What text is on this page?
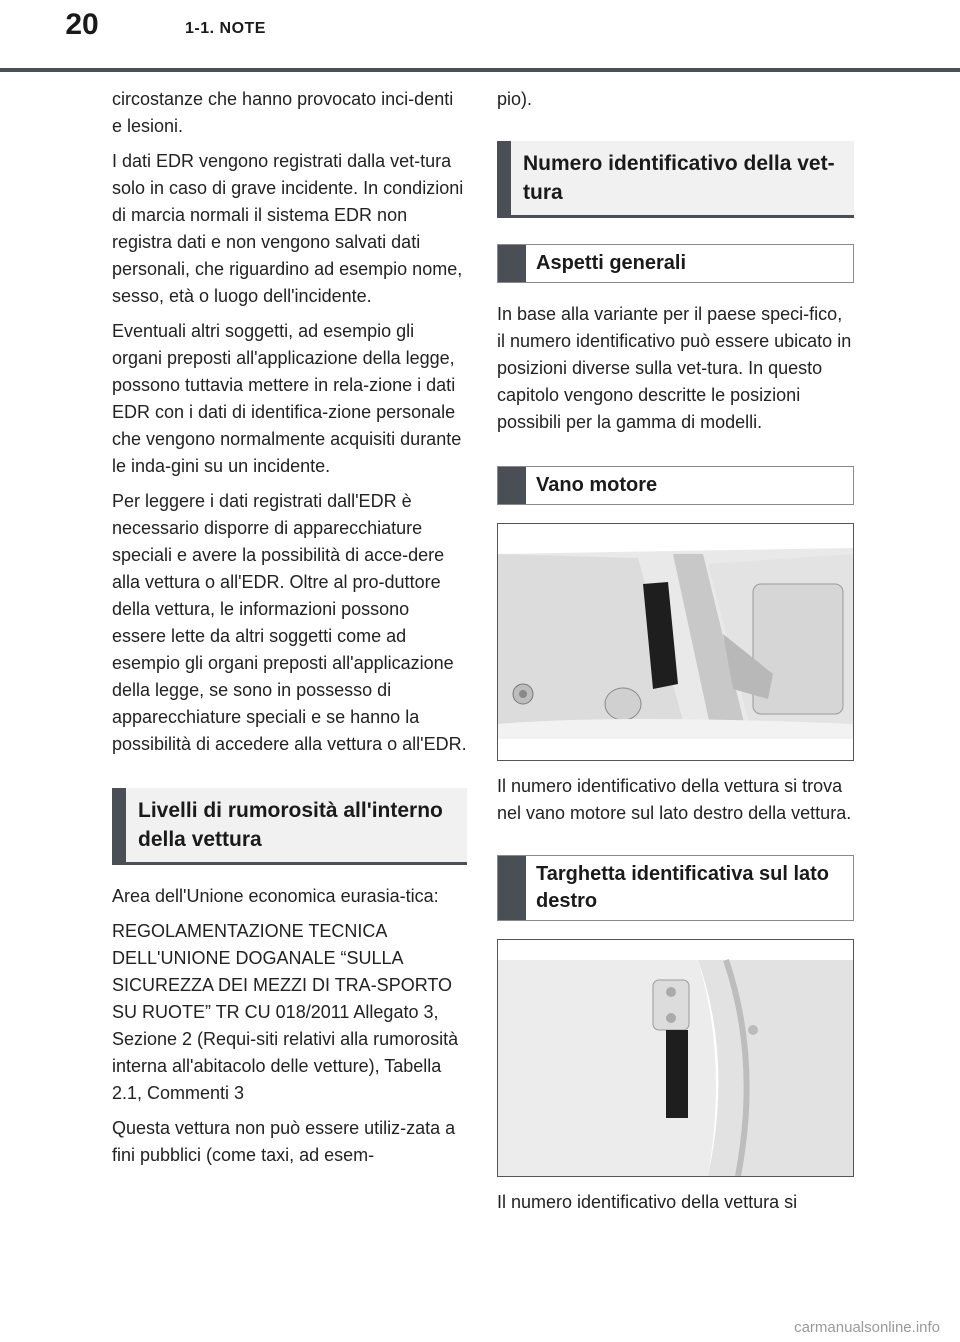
20	1-1. NOTE

circostanze che hanno provocato inci-denti e lesioni.

I dati EDR vengono registrati dalla vet-tura solo in caso di grave incidente. In condizioni di marcia normali il sistema EDR non registra dati e non vengono salvati dati personali, che riguardino ad esempio nome, sesso, età o luogo dell'incidente.

Eventuali altri soggetti, ad esempio gli organi preposti all'applicazione della legge, possono tuttavia mettere in rela-zione i dati EDR con i dati di identifica-zione personale che vengono normalmente acquisiti durante le inda-gini su un incidente.

Per leggere i dati registrati dall'EDR è necessario disporre di apparecchiature speciali e avere la possibilità di acce-dere alla vettura o all'EDR. Oltre al pro-duttore della vettura, le informazioni possono essere lette da altri soggetti come ad esempio gli organi preposti all'applicazione della legge, se sono in possesso di apparecchiature speciali e se hanno la possibilità di accedere alla vettura o all'EDR.

Livelli di rumorosità all'interno della vettura

Area dell'Unione economica eurasia-tica:

REGOLAMENTAZIONE TECNICA DELL'UNIONE DOGANALE “SULLA SICUREZZA DEI MEZZI DI TRA-SPORTO SU RUOTE” TR CU 018/2011 Allegato 3, Sezione 2 (Requi-siti relativi alla rumorosità interna all'abitacolo delle vetture), Tabella 2.1, Commenti 3

Questa vettura non può essere utiliz-zata a fini pubblici (come taxi, ad esem-

pio).

Numero identificativo della vet-tura
Aspetti generali

In base alla variante per il paese speci-fico, il numero identificativo può essere ubicato in posizioni diverse sulla vet-tura. In questo capitolo vengono descritte le posizioni possibili per la gamma di modelli.

Vano motore

Il numero identificativo della vettura si trova nel vano motore sul lato destro della vettura.

Targhetta identificativa sul lato destro

Il numero identificativo della vettura si

carmanualsonline.info
